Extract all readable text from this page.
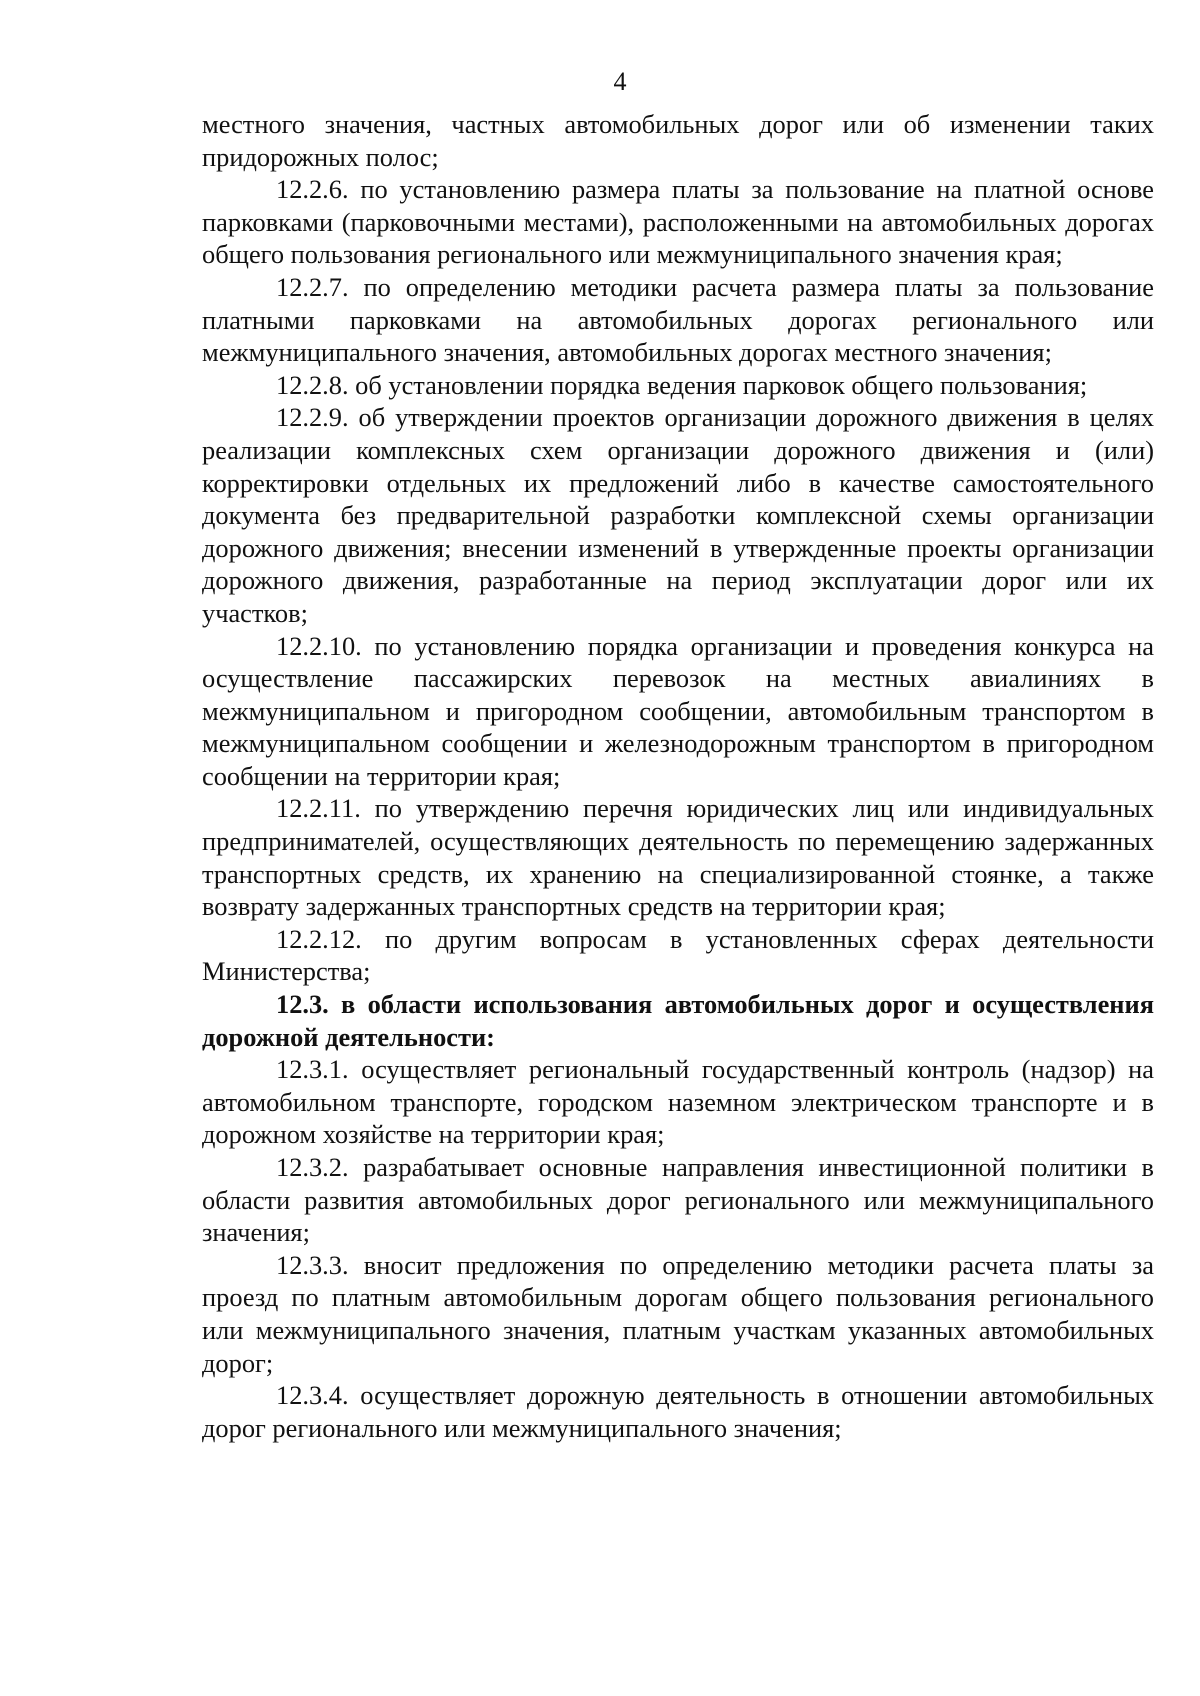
4

местного значения, частных автомобильных дорог или об изменении таких придорожных полос;

12.2.6. по установлению размера платы за пользование на платной основе парковками (парковочными местами), расположенными на автомобильных дорогах общего пользования регионального или межмуниципального значения края;

12.2.7. по определению методики расчета размера платы за пользование платными парковками на автомобильных дорогах регионального или межмуниципального значения, автомобильных дорогах местного значения;

12.2.8. об установлении порядка ведения парковок общего пользования;

12.2.9. об утверждении проектов организации дорожного движения в целях реализации комплексных схем организации дорожного движения и (или) корректировки отдельных их предложений либо в качестве самостоятельного документа без предварительной разработки комплексной схемы организации дорожного движения; внесении изменений в утвержденные проекты организации дорожного движения, разработанные на период эксплуатации дорог или их участков;

12.2.10. по установлению порядка организации и проведения конкурса на осуществление пассажирских перевозок на местных авиалиниях в межмуниципальном и пригородном сообщении, автомобильным транспортом в межмуниципальном сообщении и железнодорожным транспортом в пригородном сообщении на территории края;

12.2.11. по утверждению перечня юридических лиц или индивидуальных предпринимателей, осуществляющих деятельность по перемещению задержанных транспортных средств, их хранению на специализированной стоянке, а также возврату задержанных транспортных средств на территории края;

12.2.12. по другим вопросам в установленных сферах деятельности Министерства;

12.3. в области использования автомобильных дорог и осуществления дорожной деятельности:

12.3.1. осуществляет региональный государственный контроль (надзор) на автомобильном транспорте, городском наземном электрическом транспорте и в дорожном хозяйстве на территории края;

12.3.2. разрабатывает основные направления инвестиционной политики в области развития автомобильных дорог регионального или межмуниципального значения;

12.3.3. вносит предложения по определению методики расчета платы за проезд по платным автомобильным дорогам общего пользования регионального или межмуниципального значения, платным участкам указанных автомобильных дорог;

12.3.4. осуществляет дорожную деятельность в отношении автомобильных дорог регионального или межмуниципального значения;
